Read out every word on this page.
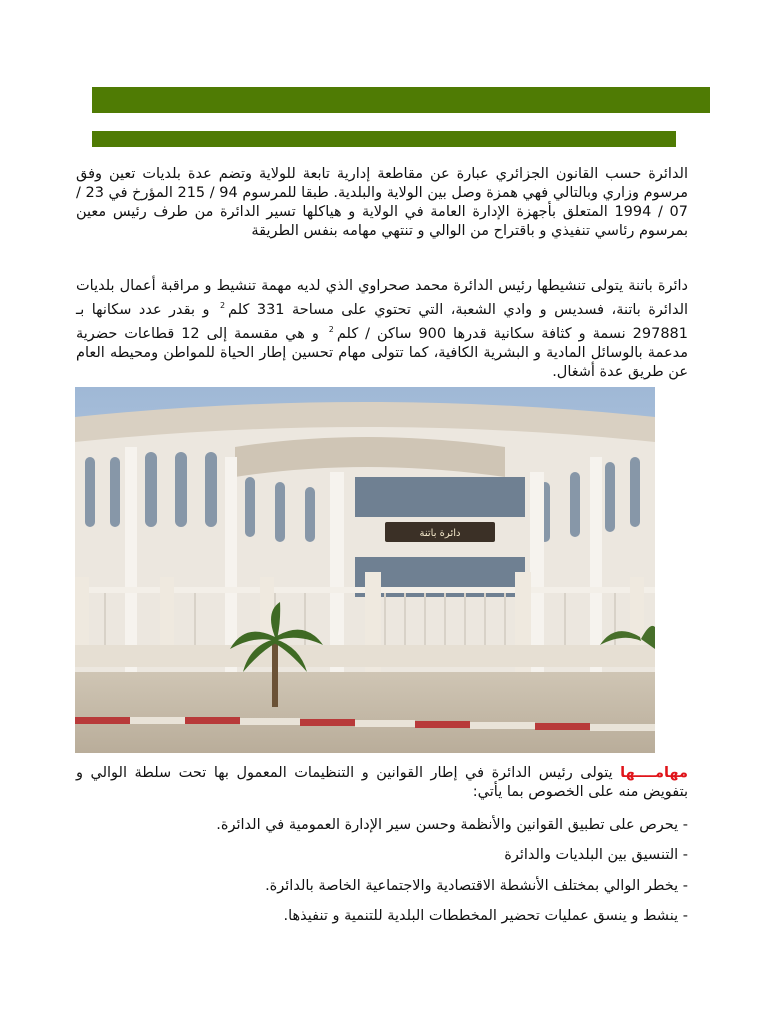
الدائرة حسب القانون الجزائري عبارة عن مقاطعة إدارية تابعة للولاية وتضم عدة بلديات تعين وفق مرسوم وزاري وبالتالي فهي همزة وصل بين الولاية والبلدية. طبقا للمرسوم 94 / 215 المؤرخ في 23 / 07 / 1994 المتعلق بأجهزة الإدارة العامة في الولاية و هياكلها تسير الدائرة من طرف رئيس معين بمرسوم رئاسي تنفيذي و باقتراح من الوالي و تنتهي مهامه بنفس الطريقة
دائرة باتنة يتولى تنشيطها رئيس الدائرة محمد صحراوي الذي لديه مهمة تنشيط و مراقبة أعمال بلديات الدائرة باتنة، فسديس و وادي الشعبة، التي تحتوي على مساحة 331 كلم$^2$ و بقدر عدد سكانها بـ 297881 نسمة و كثافة سكانية قدرها 900 ساكن / كلم$^2$ و هي مقسمة إلى 12 قطاعات حضرية مدعمة بالوسائل المادية و البشرية الكافية، كما تتولى مهام تحسين إطار الحياة للمواطن ومحيطه العام عن طريق عدة أشغال.
دائرة باتنة
مهامــــها يتولى رئيس الدائرة في إطار القوانين و التنظيمات المعمول بها تحت سلطة الوالي و بتفويض منه على الخصوص بما يأتي:
- يحرص على تطبيق القوانين والأنظمة وحسن سير الإدارة العمومية في الدائرة.
- التنسيق بين البلديات والدائرة
- يخطر الوالي بمختلف الأنشطة الاقتصادية والاجتماعية الخاصة بالدائرة.
- ينشط و ينسق عمليات تحضير المخططات البلدية للتنمية و تنفيذها.
